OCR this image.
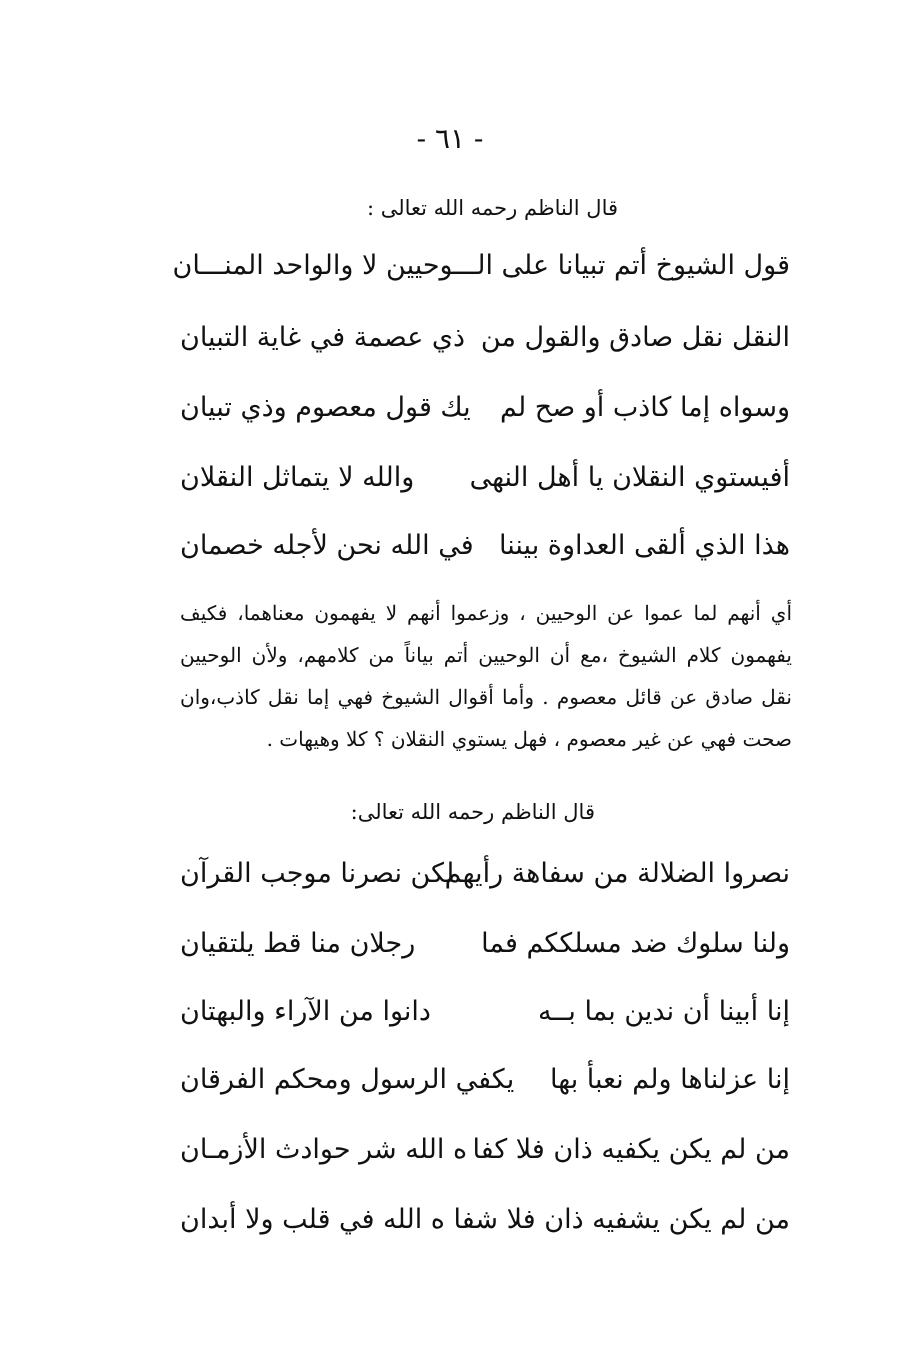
- ٦١ -
قال الناظم رحمه الله تعالى :
قول الشيوخ أتم تبيانا على الـــوحيين لا والواحد المنـــان
النقل نقل صادق والقول من
ذي عصمة في غاية التبيان
وسواه إما كاذب أو صح لم
يك قول معصوم وذي تبيان
أفيستوي النقلان يا أهل النهى
والله لا يتماثل النقلان
هذا الذي ألقى العداوة بيننا
في الله نحن لأجله خصمان
أي أنهم لما عموا عن الوحيين ، وزعموا أنهم لا يفهمون معناهما، فكيف
يفهمون كلام الشيوخ ،مع أن الوحيين أتم بياناً من كلامهم، ولأن الوحيين
نقل صادق عن قائل معصوم . وأما أقوال الشيوخ فهي إما نقل كاذب،وان
صحت فهي عن غير معصوم ، فهل يستوي النقلان ؟ كلا وهيهات .
قال الناظم رحمه الله تعالى:
نصروا الضلالة من سفاهة رأيهم
لكن نصرنا موجب القرآن
ولنا سلوك ضد مسلككم فما
رجلان منا قط يلتقيان
إنا أبينا أن ندين بما بــه
دانوا من الآراء والبهتان
إنا عزلناها ولم نعبأ بها
يكفي الرسول ومحكم الفرقان
من لم يكن يكفيه ذان فلا كفا
ه الله شر حوادث الأزمـان
من لم يكن يشفيه ذان فلا شفا
ه الله في قلب ولا أبدان
